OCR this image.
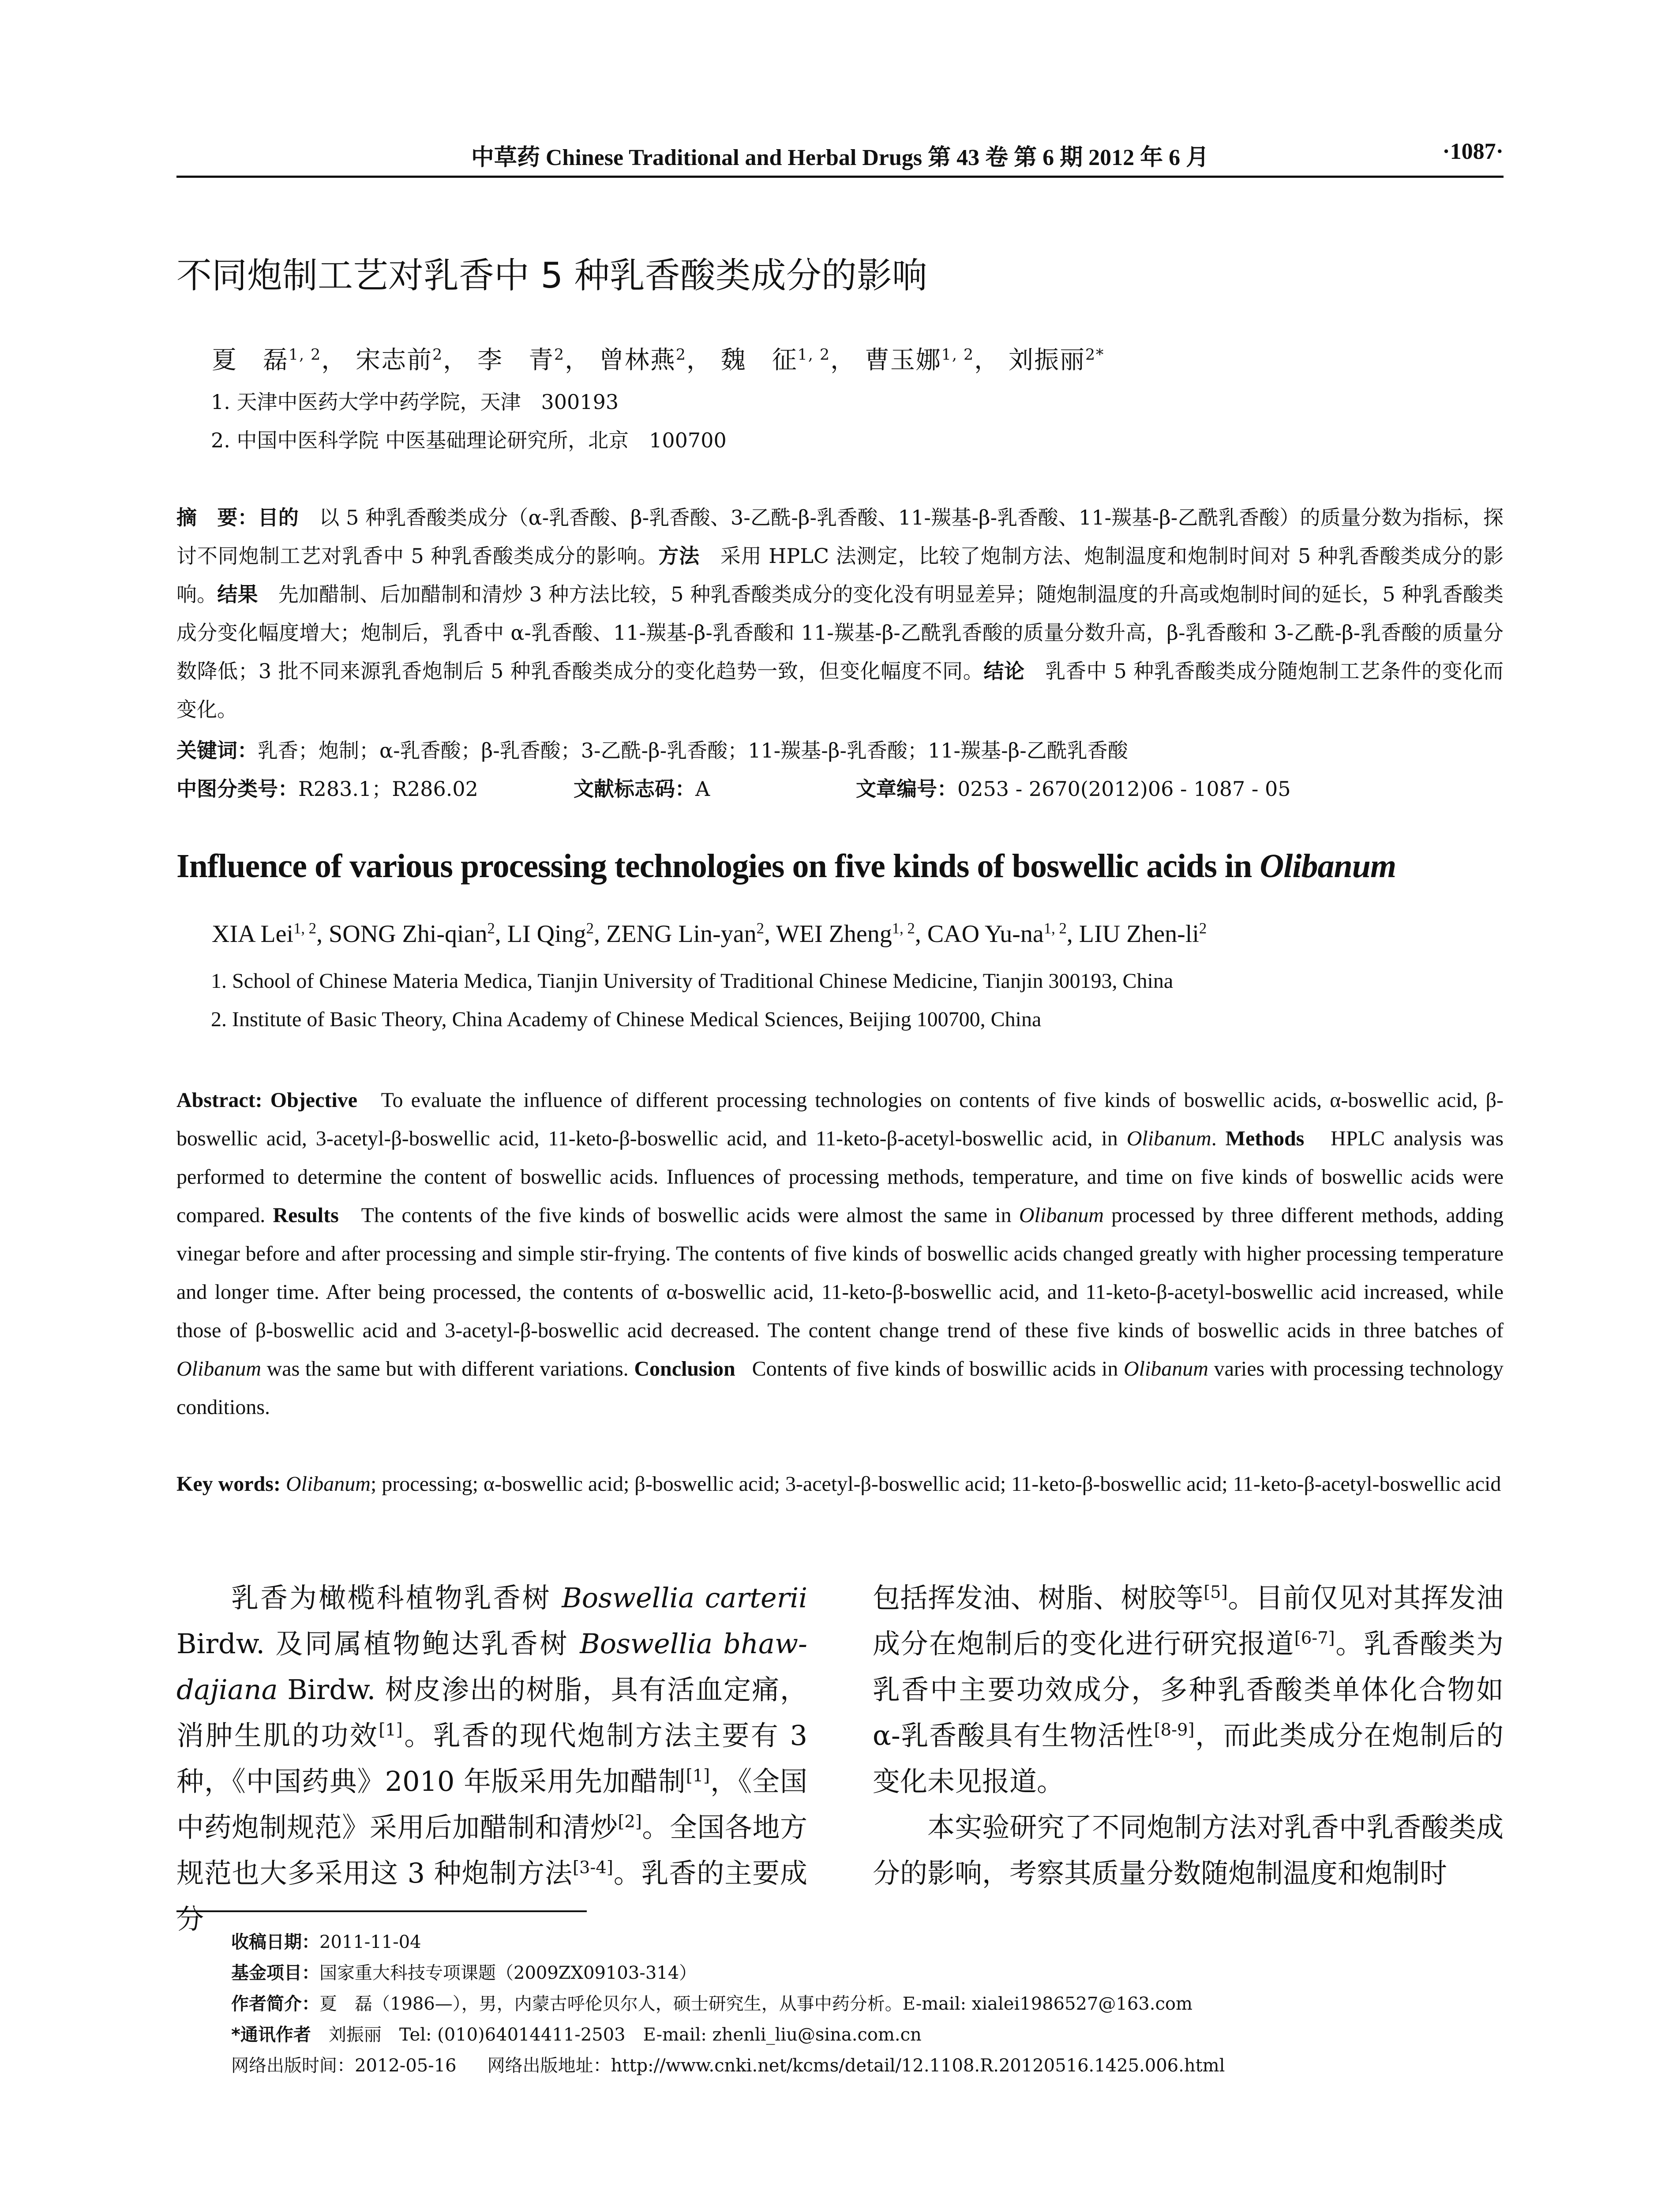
中草药 Chinese Traditional and Herbal Drugs 第 43 卷 第 6 期 2012 年 6 月	·1087·
不同炮制工艺对乳香中 5 种乳香酸类成分的影响
夏　磊$^{1, 2}$， 宋志前$^2$， 李　青$^2$， 曾林燕$^2$， 魏　征$^{1, 2}$， 曹玉娜$^{1, 2}$， 刘振丽$^{2*}$
1. 天津中医药大学中药学院，天津　300193
2. 中国中医科学院 中医基础理论研究所，北京　100700
摘　要：目的　 以 5 种乳香酸类成分（α-乳香酸、β-乳香酸、3-乙酰-β-乳香酸、11-羰基-β-乳香酸、11-羰基-β-乙酰乳香酸）的质量分数为指标，探讨不同炮制工艺对乳香中 5 种乳香酸类成分的影响。方法　 采用 HPLC 法测定，比较了炮制方法、炮制温度和炮制时间对 5 种乳香酸类成分的影响。结果　 先加醋制、后加醋制和清炒 3 种方法比较，5 种乳香酸类成分的变化没有明显差异；随炮制温度的升高或炮制时间的延长，5 种乳香酸类成分变化幅度增大；炮制后，乳香中 α-乳香酸、11-羰基-β-乳香酸和 11-羰基-β-乙酰乳香酸的质量分数升高，β-乳香酸和 3-乙酰-β-乳香酸的质量分数降低；3 批不同来源乳香炮制后 5 种乳香酸类成分的变化趋势一致，但变化幅度不同。结论　 乳香中 5 种乳香酸类成分随炮制工艺条件的变化而变化。
关键词：乳香；炮制；α-乳香酸；β-乳香酸；3-乙酰-β-乳香酸；11-羰基-β-乳香酸；11-羰基-β-乙酰乳香酸
中图分类号：R283.1；R286.02	文献标志码：A	文章编号：0253 - 2670(2012)06 - 1087 - 05
Influence of various processing technologies on five kinds of boswellic acids in Olibanum
XIA Lei$^{1, 2}$, SONG Zhi-qian$^2$, LI Qing$^2$, ZENG Lin-yan$^2$, WEI Zheng$^{1, 2}$, CAO Yu-na$^{1, 2}$, LIU Zhen-$li^2$
1. School of Chinese Materia Medica, Tianjin University of Traditional Chinese Medicine, Tianjin 300193, China
2. Institute of Basic Theory, China Academy of Chinese Medical Sciences, Beijing 100700, China
Abstract: Objective To evaluate the influence of different processing technologies on contents of five kinds of boswellic acids, α-boswellic acid, β-boswellic acid, 3-acetyl-β-boswellic acid, 11-keto-β-boswellic acid, and 11-keto-β-acetyl-boswellic acid, in Olibanum. Methods HPLC analysis was performed to determine the content of boswellic acids. Influences of processing methods, temperature, and time on five kinds of boswellic acids were compared. Results The contents of the five kinds of boswellic acids were almost the same in Olibanum processed by three different methods, adding vinegar before and after processing and simple stir-frying. The contents of five kinds of boswellic acids changed greatly with higher processing temperature and longer time. After being processed, the contents of α-boswellic acid, 11-keto-β-boswellic acid, and 11-keto-β-acetyl-boswellic acid increased, while those of β-boswellic acid and 3-acetyl-β-boswellic acid decreased. The content change trend of these five kinds of boswellic acids in three batches of Olibanum was the same but with different variations. Conclusion Contents of five kinds of boswillic acids in Olibanum varies with processing technology conditions.
Key words: Olibanum; processing; α-boswellic acid; β-boswellic acid; 3-acetyl-β-boswellic acid; 11-keto-β-boswellic acid; 11-keto-β-acetyl-boswellic acid

乳香为橄榄科植物乳香树 Boswellia carterii Birdw. 及同属植物鲍达乳香树 Boswellia bhaw-dajiana Birdw. 树皮渗出的树脂，具有活血定痛，消肿生肌的功效[1]。乳香的现代炮制方法主要有 3 种，《中国药典》2010 年版采用先加醋制[1]，《全国中药炮制规范》采用后加醋制和清炒[2]。全国各地方规范也大多采用这 3 种炮制方法[3-4]。乳香的主要成分

包括挥发油、树脂、树胶等[5]。目前仅见对其挥发油成分在炮制后的变化进行研究报道[6-7]。乳香酸类为乳香中主要功效成分，多种乳香酸类单体化合物如 α-乳香酸具有生物活性[8-9]，而此类成分在炮制后的变化未见报道。

本实验研究了不同炮制方法对乳香中乳香酸类成分的影响，考察其质量分数随炮制温度和炮制时

收稿日期：2011-11-04
基金项目：国家重大科技专项课题（2009ZX09103-314）
作者简介：夏　磊（1986—），男，内蒙古呼伦贝尔人，硕士研究生，从事中药分析。E-mail: xialei1986527@163.com
*通讯作者　 刘振丽　Tel: (010)64014411-2503　E-mail: zhenli_liu@sina.com.cn
网络出版时间：2012-05-16 网络出版地址：http://www.cnki.net/kcms/detail/12.1108.R.20120516.1425.006.html
